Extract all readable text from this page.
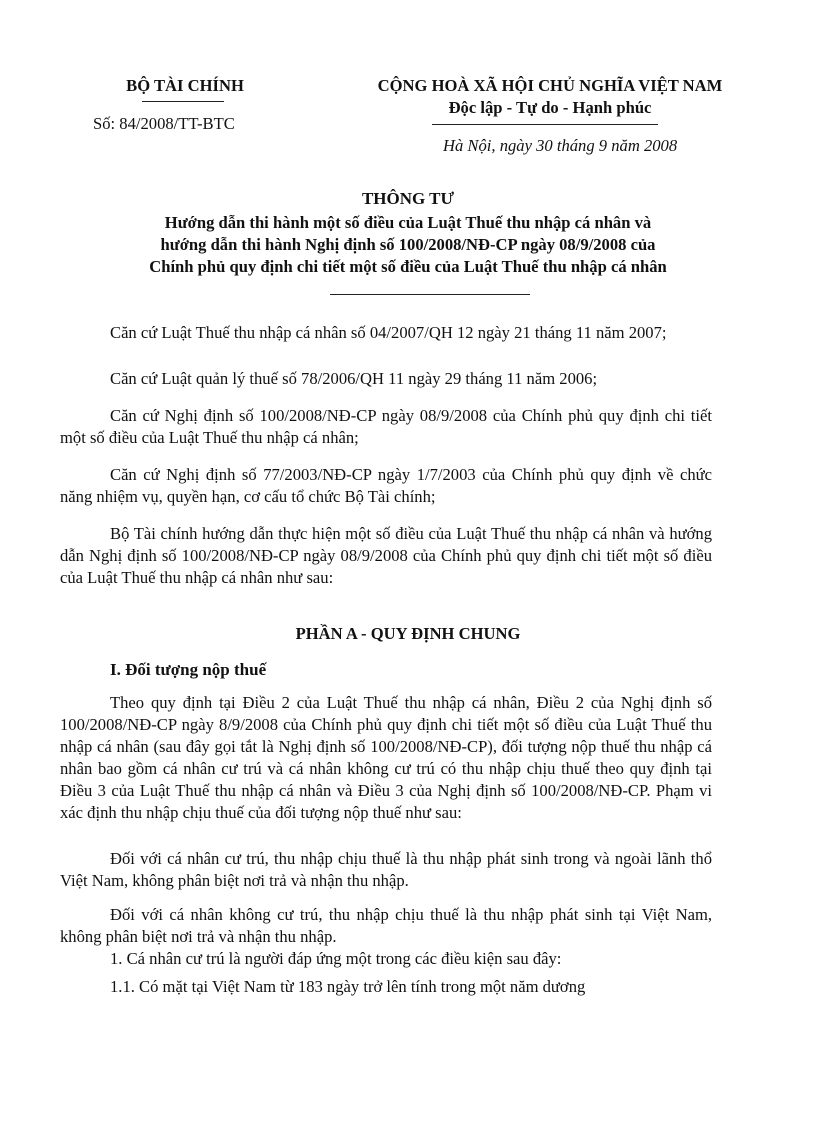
BỘ TÀI CHÍNH
Số: 84/2008/TT-BTC
CỘNG HOÀ XÃ HỘI CHỦ NGHĨA VIỆT NAM
Độc lập - Tự do - Hạnh phúc
Hà Nội, ngày 30 tháng 9 năm 2008
THÔNG TƯ
Hướng dẫn thi hành một số điều của Luật Thuế thu nhập cá nhân và
hướng dẫn thi hành Nghị định số 100/2008/NĐ-CP ngày 08/9/2008 của
Chính phủ quy định chi tiết một số điều của Luật Thuế thu nhập cá nhân

Căn cứ Luật Thuế thu nhập cá nhân số 04/2007/QH 12 ngày 21 tháng 11 năm 2007;

Căn cứ Luật quản lý thuế số 78/2006/QH 11 ngày 29 tháng 11 năm 2006;

Căn cứ Nghị định số 100/2008/NĐ-CP ngày 08/9/2008 của Chính phủ quy định chi tiết một số điều của Luật Thuế thu nhập cá nhân;

Căn cứ Nghị định số 77/2003/NĐ-CP ngày 1/7/2003 của Chính phủ quy định về chức năng nhiệm vụ, quyền hạn, cơ cấu tổ chức Bộ Tài chính;

Bộ Tài chính hướng dẫn thực hiện một số điều của Luật Thuế thu nhập cá nhân và hướng dẫn Nghị định số 100/2008/NĐ-CP ngày 08/9/2008 của Chính phủ quy định chi tiết một số điều của Luật Thuế thu nhập cá nhân như sau:

PHẦN A - QUY ĐỊNH CHUNG
I. Đối tượng nộp thuế

Theo quy định tại Điều 2 của Luật Thuế thu nhập cá nhân, Điều 2 của Nghị định số 100/2008/NĐ-CP ngày 8/9/2008 của Chính phủ quy định chi tiết một số điều của Luật Thuế thu nhập cá nhân (sau đây gọi tắt là Nghị định số 100/2008/NĐ-CP), đối tượng nộp thuế thu nhập cá nhân bao gồm cá nhân cư trú và cá nhân không cư trú có thu nhập chịu thuế theo quy định tại Điều 3 của Luật Thuế thu nhập cá nhân và Điều 3 của Nghị định số 100/2008/NĐ-CP. Phạm vi xác định thu nhập chịu thuế của đối tượng nộp thuế như sau:

Đối với cá nhân cư trú, thu nhập chịu thuế là thu nhập phát sinh trong và ngoài lãnh thổ Việt Nam, không phân biệt nơi trả và nhận thu nhập.

Đối với cá nhân không cư trú, thu nhập chịu thuế là thu nhập phát sinh tại Việt Nam, không phân biệt nơi trả và nhận thu nhập.

1. Cá nhân cư trú là người đáp ứng một trong các điều kiện sau đây:

1.1. Có mặt tại Việt Nam từ 183 ngày trở lên tính trong một năm dương
